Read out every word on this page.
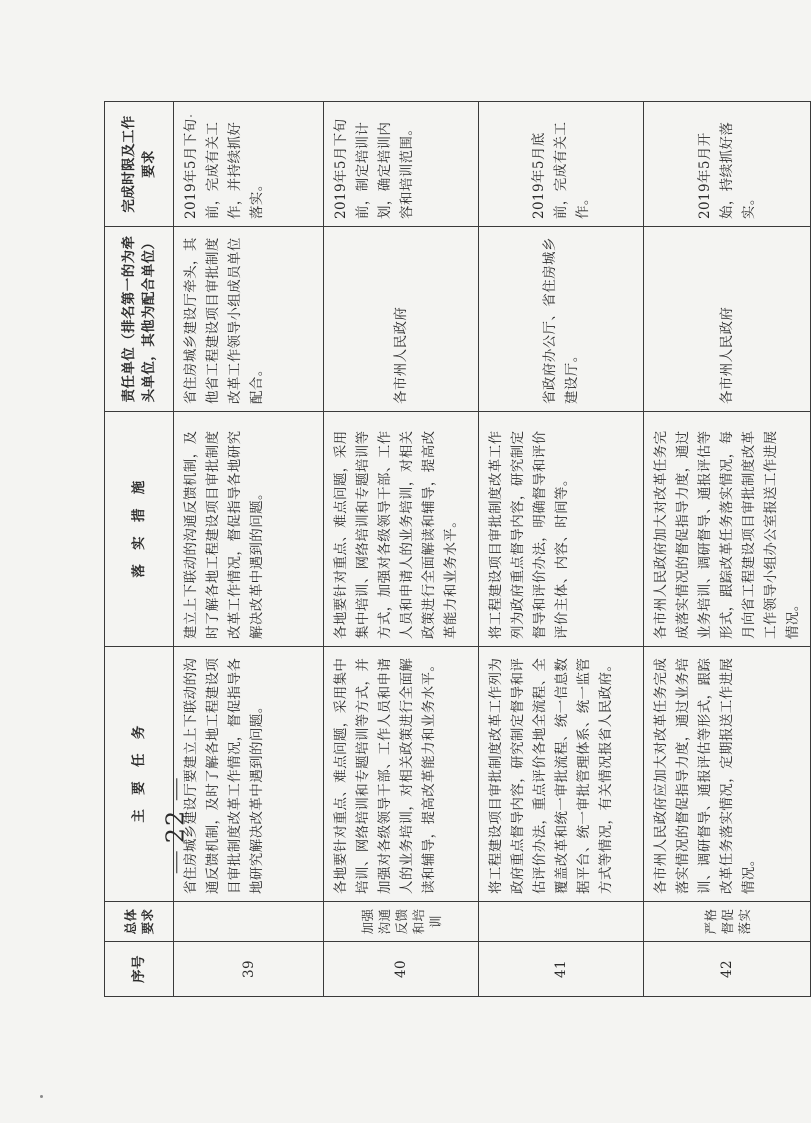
序号	总体要求	主　要　任　务	落　实　措　施	责任单位（排名第一的为牵头单位，其他为配合单位）	完成时限及工作要求
39		省住房城乡建设厅要建立上下联动的沟通反馈机制，及时了解各地工程建设项目审批制度改革工作情况，督促指导各地研究解决改革中遇到的问题。	建立上下联动的沟通反馈机制，及时了解各地工程建设项目审批制度改革工作情况，督促指导各地研究解决改革中遇到的问题。	省住房城乡建设厅牵头，其他省工程建设项目审批制度改革工作领导小组成员单位配合。	2019年5月下旬前，完成有关工作，并持续抓好落实。
40	加强沟通反馈和培训	各地要针对重点、难点问题，采用集中培训、网络培训和专题培训等方式，并加强对各级领导干部、工作人员和申请人的业务培训，对相关政策进行全面解读和辅导，提高改革能力和业务水平。	各地要针对重点、难点问题，采用集中培训、网络培训和专题培训等方式，加强对各级领导干部、工作人员和申请人的业务培训，对相关政策进行全面解读和辅导，提高改革能力和业务水平。	各市州人民政府	2019年5月下旬前，制定培训计划，确定培训内容和培训范围。
41		将工程建设项目审批制度改革工作列为政府重点督导内容，研究制定督导和评估评价办法，重点评价各地全流程、全覆盖改革和统一审批流程、统一信息数据平台、统一审批管理体系、统一监管方式等情况，有关情况报省人民政府。	将工程建设项目审批制度改革工作列为政府重点督导内容，研究制定督导和评价办法，明确督导和评价评价主体、内容、时间等。	省政府办公厅、省住房城乡建设厅。	2019年5月底前，完成有关工作。
42	严格督促落实	各市州人民政府应加大对改革任务完成落实情况的督促指导力度，通过业务培训、调研督导、通报评估等形式，跟踪改革任务落实情况，定期报送工作进展情况。	各市州人民政府加大对改革任务完成落实情况的督促指导力度，通过业务培训、调研督导、通报评估等形式，跟踪改革任务落实情况，每月向省工程建设项目审批制度改革工作领导小组办公室报送工作进展情况。	各市州人民政府	2019年5月开始，持续抓好落实。
22
